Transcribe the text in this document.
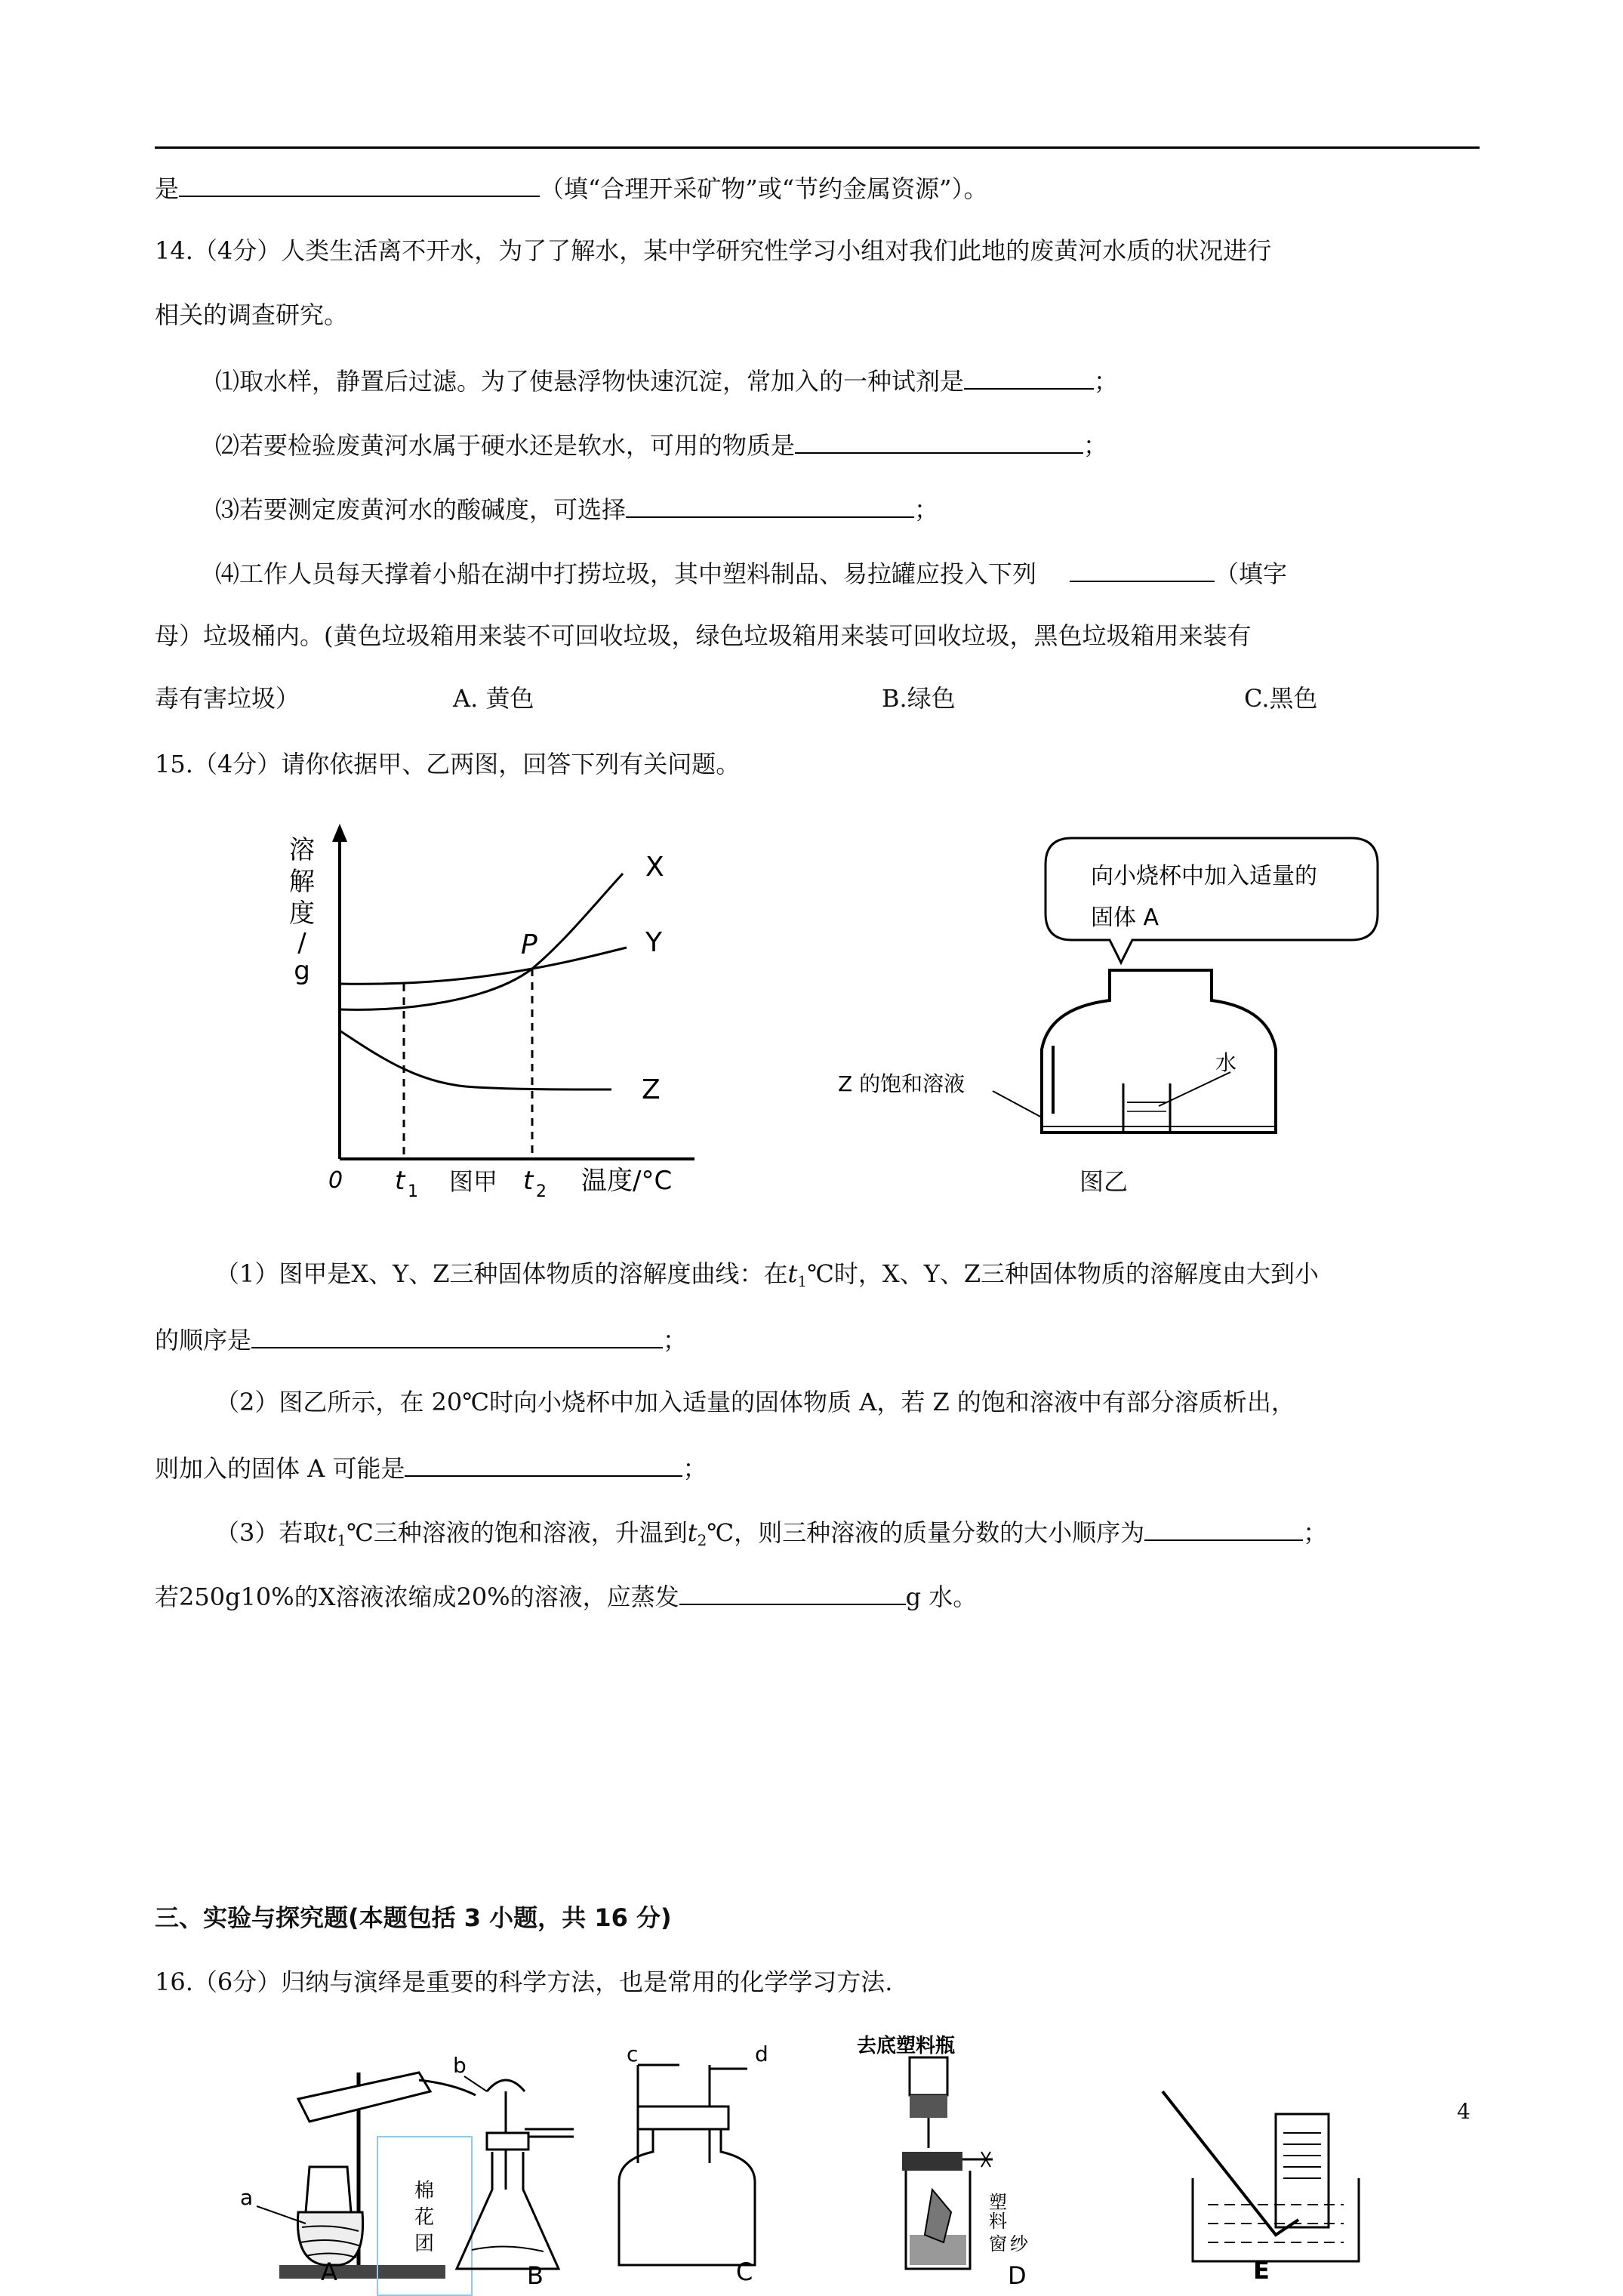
是	（填“合理开采矿物”或“节约金属资源”）。
14.（4分）人类生活离不开水，为了了解水，某中学研究性学习小组对我们此地的废黄河水质的状况进行
相关的调查研究。
⑴取水样，静置后过滤。为了使悬浮物快速沉淀，常加入的一种试剂是	；
⑵若要检验废黄河水属于硬水还是软水，可用的物质是	；
⑶若要测定废黄河水的酸碱度，可选择	；
⑷工作人员每天撑着小船在湖中打捞垃圾，其中塑料制品、易拉罐应投入下列	（填字
母）垃圾桶内。(黄色垃圾箱用来装不可回收垃圾，绿色垃圾箱用来装可回收垃圾，黑色垃圾箱用来装有
毒有害垃圾）	A. 黄色	B.绿色	C.黑色
15.（4分）请你依据甲、乙两图，回答下列有关问题。
溶
解
度
/
g
0 t 1	t 2 温度/°C
X
Y
Z
P
图甲
向小烧杯中加入适量的
固体 A
Z 的饱和溶液
水
图乙
（1）图甲是X、Y、Z三种固体物质的溶解度曲线：在$t_1℃$时，X、Y、Z三种固体物质的溶解度由大到小
的顺序是	；
（2）图乙所示，在 20℃时向小烧杯中加入适量的固体物质 A，若 Z 的饱和溶液中有部分溶质析出，
则加入的固体 A 可能是	；
（3）若取$t_1℃$三种溶液的饱和溶液，升温到$t_2℃$，则三种溶液的质量分数的大小顺序为	；
若250g10%的X溶液浓缩成20%的溶液，应蒸发	g 水。
三、实验与探究题(本题包括 3 小题，共 16 分)
16.（6分）归纳与演绎是重要的科学方法，也是常用的化学学习方法.
a	棉
花
团
b	c	d	去底塑料瓶
塑
料
窗 纱
A	B	C	D	E
4
